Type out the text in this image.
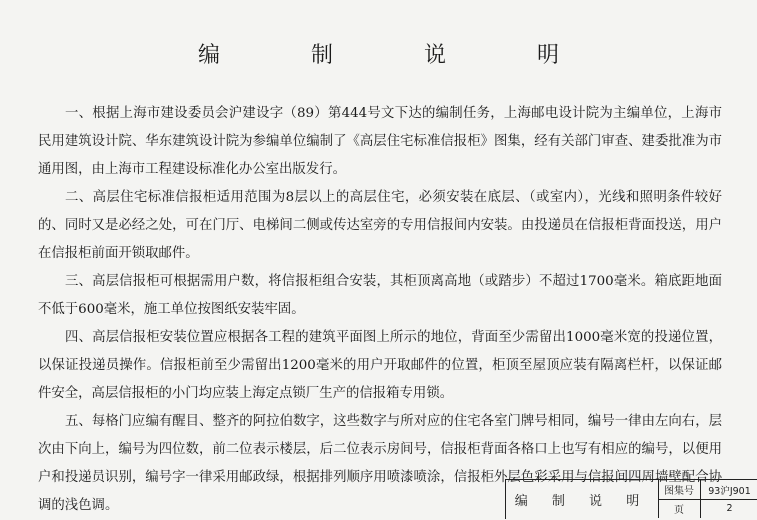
编 制 说 明

一、根据上海市建设委员会沪建设字（89）第444号文下达的编制任务，上海邮电设计院为主编单位，上海市民用建筑设计院、华东建筑设计院为参编单位编制了《高层住宅标准信报柜》图集，经有关部门审查、建委批准为市通用图，由上海市工程建设标准化办公室出版发行。

二、高层住宅标准信报柜适用范围为8层以上的高层住宅，必须安装在底层、（或室内），光线和照明条件较好的、同时又是必经之处，可在门厅、电梯间二侧或传达室旁的专用信报间内安装。由投递员在信报柜背面投送，用户在信报柜前面开锁取邮件。

三、高层信报柜可根据需用户数，将信报柜组合安装，其柜顶离高地（或踏步）不超过1700毫米。箱底距地面不低于600毫米，施工单位按图纸安装牢固。

四、高层信报柜安装位置应根据各工程的建筑平面图上所示的地位，背面至少需留出1000毫米宽的投递位置，以保证投递员操作。信报柜前至少需留出1200毫米的用户开取邮件的位置，柜顶至屋顶应装有隔离栏杆，以保证邮件安全，高层信报柜的小门均应装上海定点锁厂生产的信报箱专用锁。

五、每格门应编有醒目、整齐的阿拉伯数字，这些数字与所对应的住宅各室门牌号相同，编号一律由左向右，层次由下向上，编号为四位数，前二位表示楼层，后二位表示房间号，信报柜背面各格口上也写有相应的编号，以便用户和投递员识别，编号字一律采用邮政绿，根据排列顺序用喷漆喷涂，信报柜外层色彩采用与信报间四周墙壁配合协调的浅色调。	编 制 说 明
图集号	93沪J901
页	2
